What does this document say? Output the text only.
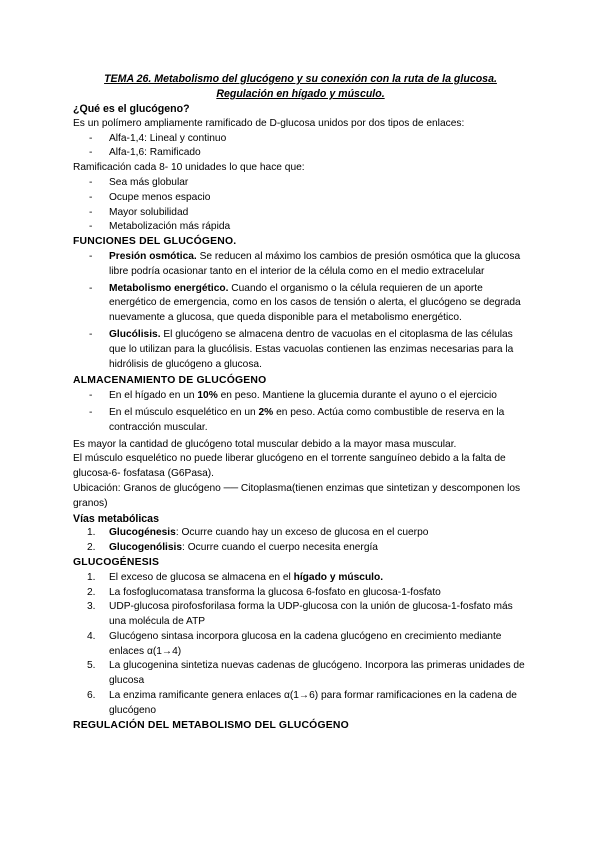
TEMA 26. Metabolismo del glucógeno y su conexión con la ruta de la glucosa.
Regulación en hígado y músculo.

¿Qué es el glucógeno?

Es un polímero ampliamente ramificado de D-glucosa unidos por dos tipos de enlaces:

- Alfa-1,4: Lineal y continuo
- Alfa-1,6: Ramificado

Ramificación cada 8- 10 unidades lo que hace que:

- Sea más globular
- Ocupe menos espacio
- Mayor solubilidad
- Metabolización más rápida

FUNCIONES DEL GLUCÓGENO.

- Presión osmótica. Se reducen al máximo los cambios de presión osmótica que la glucosa libre podría ocasionar tanto en el interior de la célula como en el medio extracelular
- Metabolismo energético. Cuando el organismo o la célula requieren de un aporte energético de emergencia, como en los casos de tensión o alerta, el glucógeno se degrada nuevamente a glucosa, que queda disponible para el metabolismo energético.
- Glucólisis. El glucógeno se almacena dentro de vacuolas en el citoplasma de las células que lo utilizan para la glucólisis. Estas vacuolas contienen las enzimas necesarias para la hidrólisis de glucógeno a glucosa.

ALMACENAMIENTO DE GLUCÓGENO

- En el hígado en un 10% en peso. Mantiene la glucemia durante el ayuno o el ejercicio
- En el músculo esquelético en un 2% en peso. Actúa como combustible de reserva en la contracción muscular.

Es mayor la cantidad de glucógeno total muscular debido a la mayor masa muscular.

El músculo esquelético no puede liberar glucógeno en el torrente sanguíneo debido a la falta de glucosa-6- fosfatasa (G6Pasa).

Ubicación: Granos de glucógeno ── Citoplasma(tienen enzimas que sintetizan y descomponen los granos)

Vías metabólicas

1. Glucogénesis: Ocurre cuando hay un exceso de glucosa en el cuerpo
2. Glucogenólisis: Ocurre cuando el cuerpo necesita energía

GLUCOGÉNESIS

1. El exceso de glucosa se almacena en el hígado y músculo.
2. La fosfoglucomatasa transforma la glucosa 6-fosfato en glucosa-1-fosfato
3. UDP-glucosa pirofosforilasa forma la UDP-glucosa con la unión de glucosa-1-fosfato más una molécula de ATP
4. Glucógeno sintasa incorpora glucosa en la cadena glucógeno en crecimiento mediante enlaces α(1→4)
5. La glucogenina sintetiza nuevas cadenas de glucógeno. Incorpora las primeras unidades de glucosa
6. La enzima ramificante genera enlaces α(1→6) para formar ramificaciones en la cadena de glucógeno

REGULACIÓN DEL METABOLISMO DEL GLUCÓGENO
